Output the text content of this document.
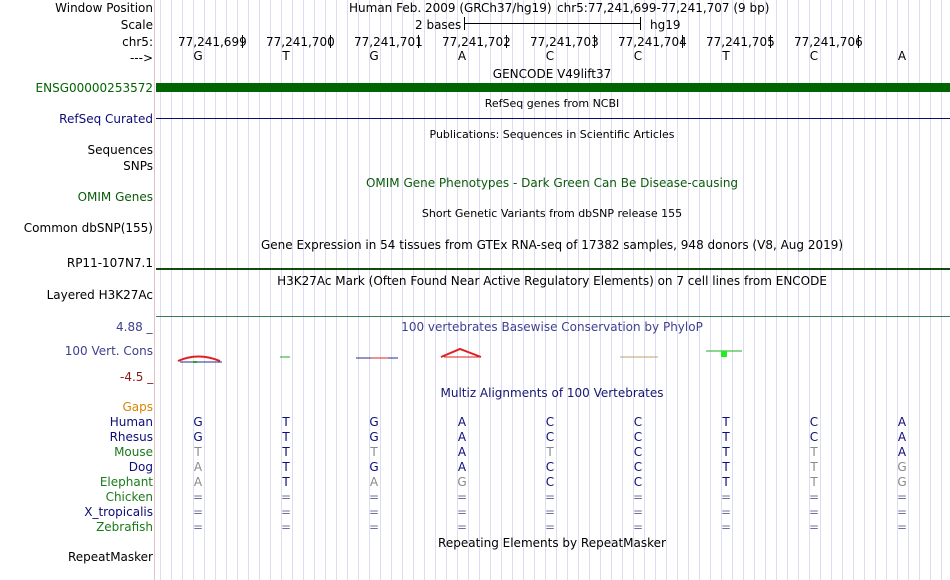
Window Position
Scale
chr5:
--->
Human Feb. 2009 (GRCh37/hg19) chr5:77,241,699-77,241,707 (9 bp)
2 bases	hg19
77,241,699 77,241,700 77,241,701 77,241,702 77,241,703 77,241,704 77,241,705 77,241,706
G	T	G	A	C	C	T	C	A
GENCODE V49lift37
ENSG00000253572
RefSeq genes from NCBI
RefSeq Curated
Publications: Sequences in Scientific Articles
Sequences
SNPs
OMIM Gene Phenotypes - Dark Green Can Be Disease-causing
OMIM Genes
Short Genetic Variants from dbSNP release 155
Common dbSNP(155)
Gene Expression in 54 tissues from GTEx RNA-seq of 17382 samples, 948 donors (V8, Aug 2019)
RP11-107N7.1
H3K27Ac Mark (Often Found Near Active Regulatory Elements) on 7 cell lines from ENCODE
Layered H3K27Ac
100 vertebrates Basewise Conservation by PhyloP
4.88 _
100 Vert. Cons
-4.5 _
Multiz Alignments of 100 Vertebrates
Gaps
Human	G	T	G	A	C	C	T	C	A
Rhesus	G	T	G	A	C	C	T	C	A
Mouse	T	T	T	A	T	C	T	T	A
Dog	A	T	G	A	C	C	T	T	G
Elephant	A	T	A	G	C	C	T	T	G
Chicken	=	=	=	=	=	=	=	=	=
X_tropicalis	=	=	=	=	=	=	=	=	=
Zebrafish	=	=	=	=	=	=	=	=	=
Repeating Elements by RepeatMasker
RepeatMasker
